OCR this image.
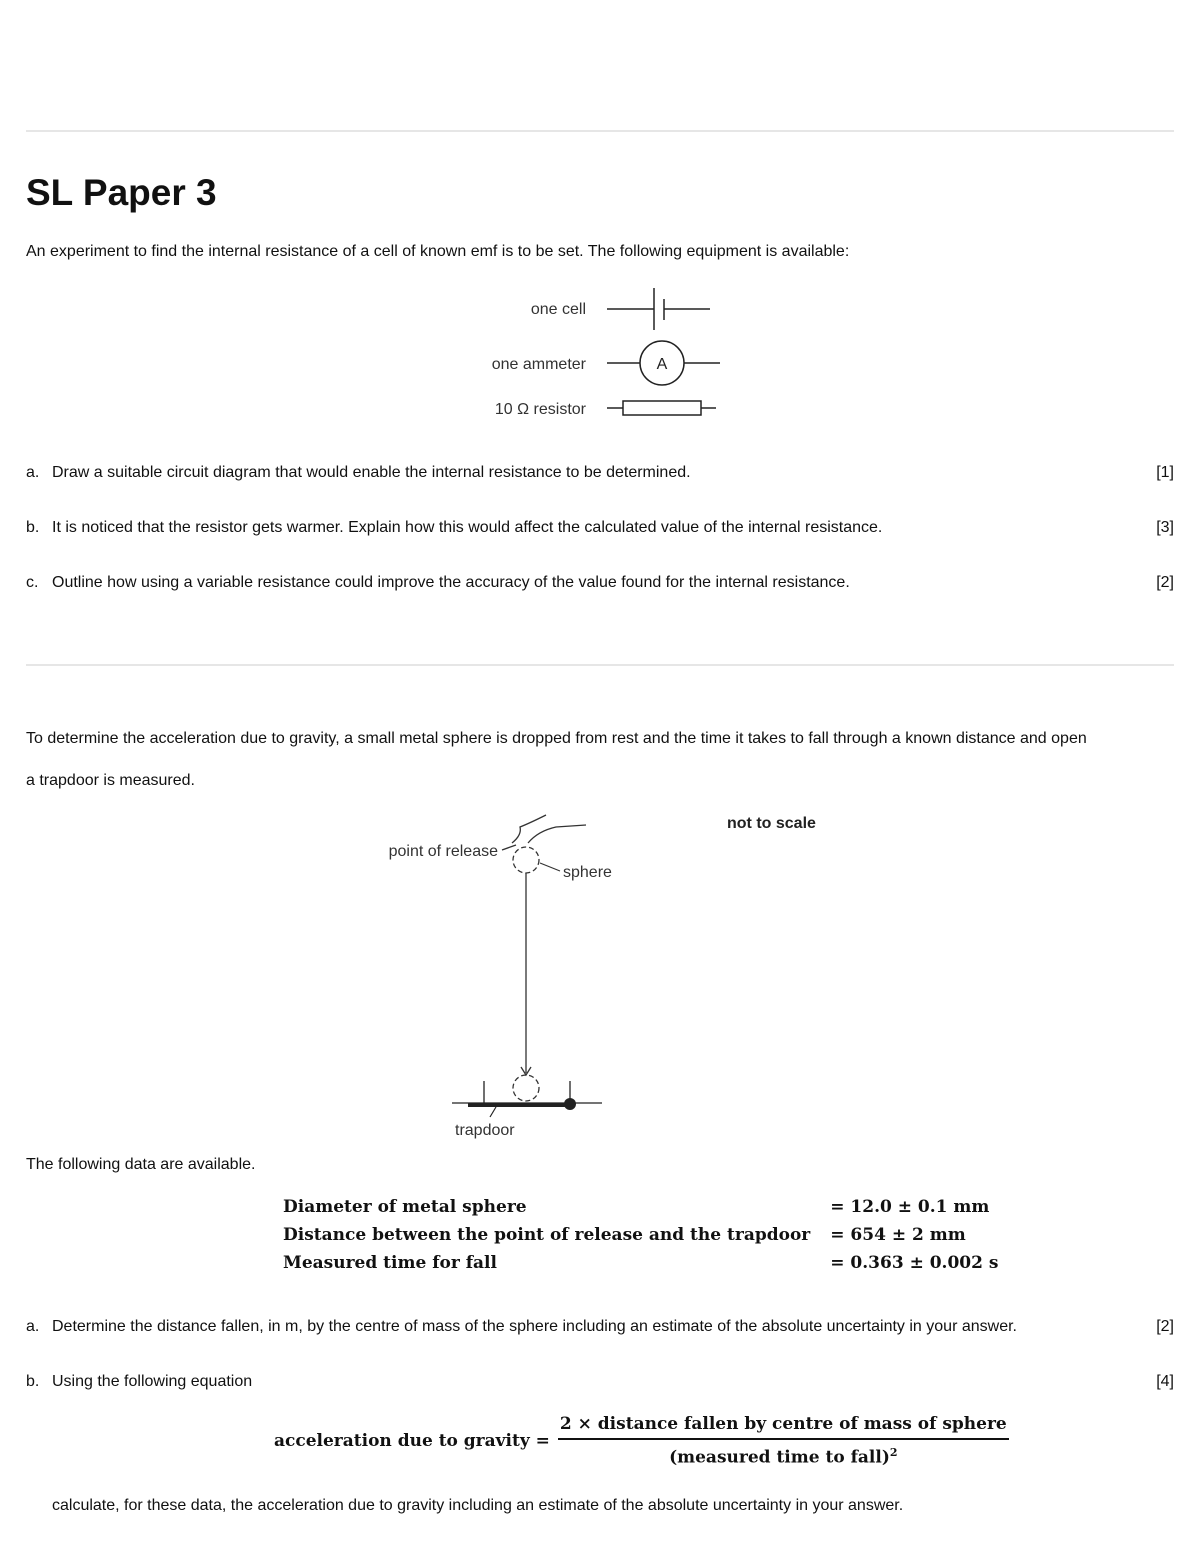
SL Paper 3
An experiment to find the internal resistance of a cell of known emf is to be set. The following equipment is available:
one cell
one ammeter	A
10 Ω resistor
a. Draw a suitable circuit diagram that would enable the internal resistance to be determined.	[1]
b. It is noticed that the resistor gets warmer. Explain how this would affect the calculated value of the internal resistance.	[3]
c. Outline how using a variable resistance could improve the accuracy of the value found for the internal resistance.	[2]
To determine the acceleration due to gravity, a small metal sphere is dropped from rest and the time it takes to fall through a known distance and open
a trapdoor is measured.
not to scale
point of release
sphere
trapdoor
The following data are available.
Diameter of metal sphere	= 12.0 ± 0.1 mm
Distance between the point of release and the trapdoor	= 654 ± 2 mm
Measured time for fall	= 0.363 ± 0.002 s
a. Determine the distance fallen, in m, by the centre of mass of the sphere including an estimate of the absolute uncertainty in your answer.	[2]
b. Using the following equation	[4]
acceleration due to gravity = $\frac{\text{2 × distance fallen by centre of mass of sphere}}{(measured time to fall)^2}$
calculate, for these data, the acceleration due to gravity including an estimate of the absolute uncertainty in your answer.
